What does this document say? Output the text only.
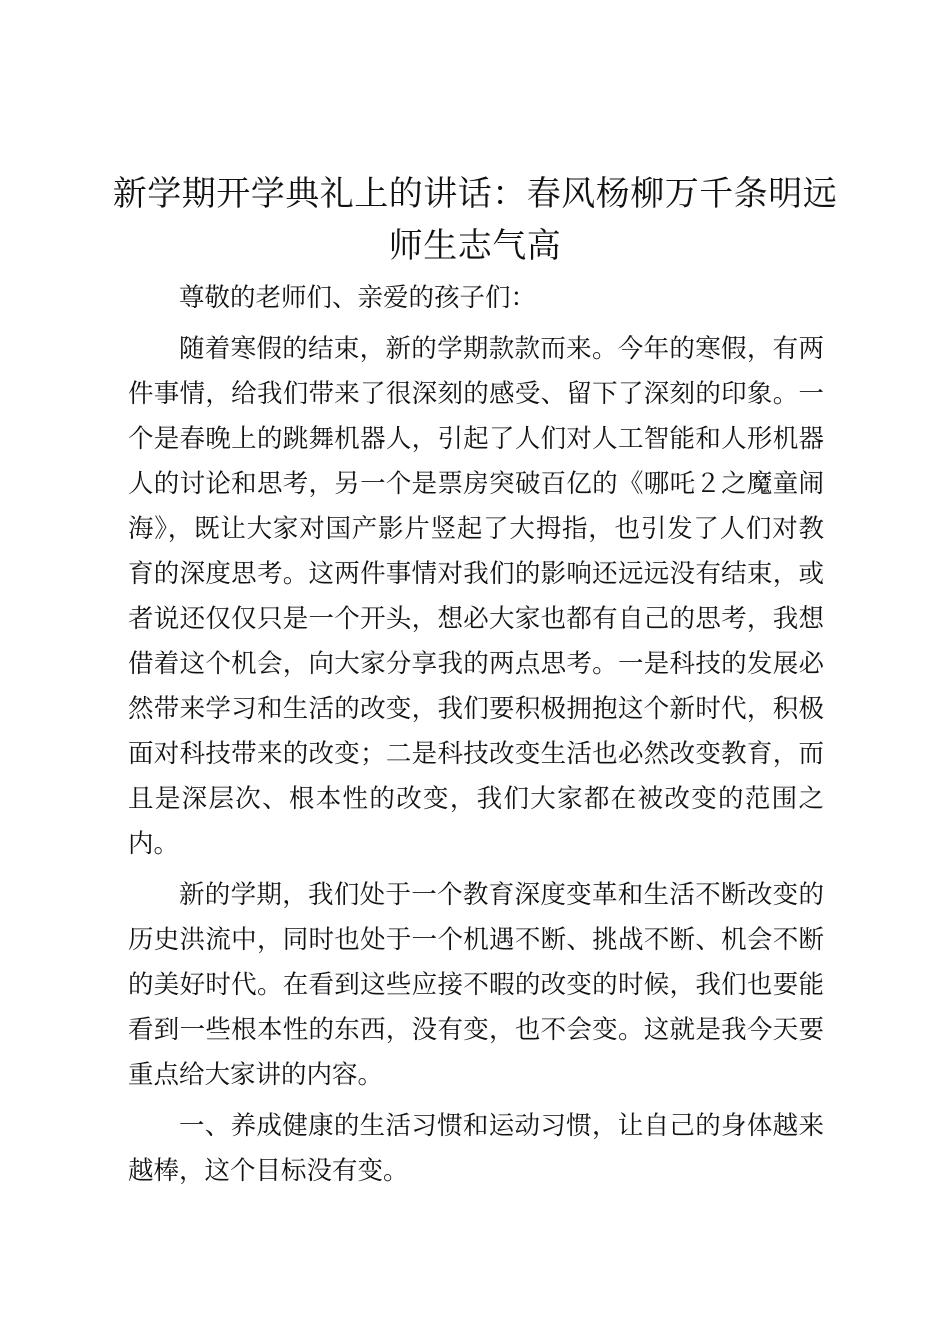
新学期开学典礼上的讲话：春风杨柳万千条明远师生志气高

尊敬的老师们、亲爱的孩子们：

随着寒假的结束，新的学期款款而来。今年的寒假，有两件事情，给我们带来了很深刻的感受、留下了深刻的印象。一个是春晚上的跳舞机器人，引起了人们对人工智能和人形机器人的讨论和思考，另一个是票房突破百亿的《哪吒２之魔童闹海》，既让大家对国产影片竖起了大拇指，也引发了人们对教育的深度思考。这两件事情对我们的影响还远远没有结束，或者说还仅仅只是一个开头，想必大家也都有自己的思考，我想借着这个机会，向大家分享我的两点思考。一是科技的发展必然带来学习和生活的改变，我们要积极拥抱这个新时代，积极面对科技带来的改变；二是科技改变生活也必然改变教育，而且是深层次、根本性的改变，我们大家都在被改变的范围之内。

新的学期，我们处于一个教育深度变革和生活不断改变的历史洪流中，同时也处于一个机遇不断、挑战不断、机会不断的美好时代。在看到这些应接不暇的改变的时候，我们也要能看到一些根本性的东西，没有变，也不会变。这就是我今天要重点给大家讲的内容。

一、养成健康的生活习惯和运动习惯，让自己的身体越来越棒，这个目标没有变。
